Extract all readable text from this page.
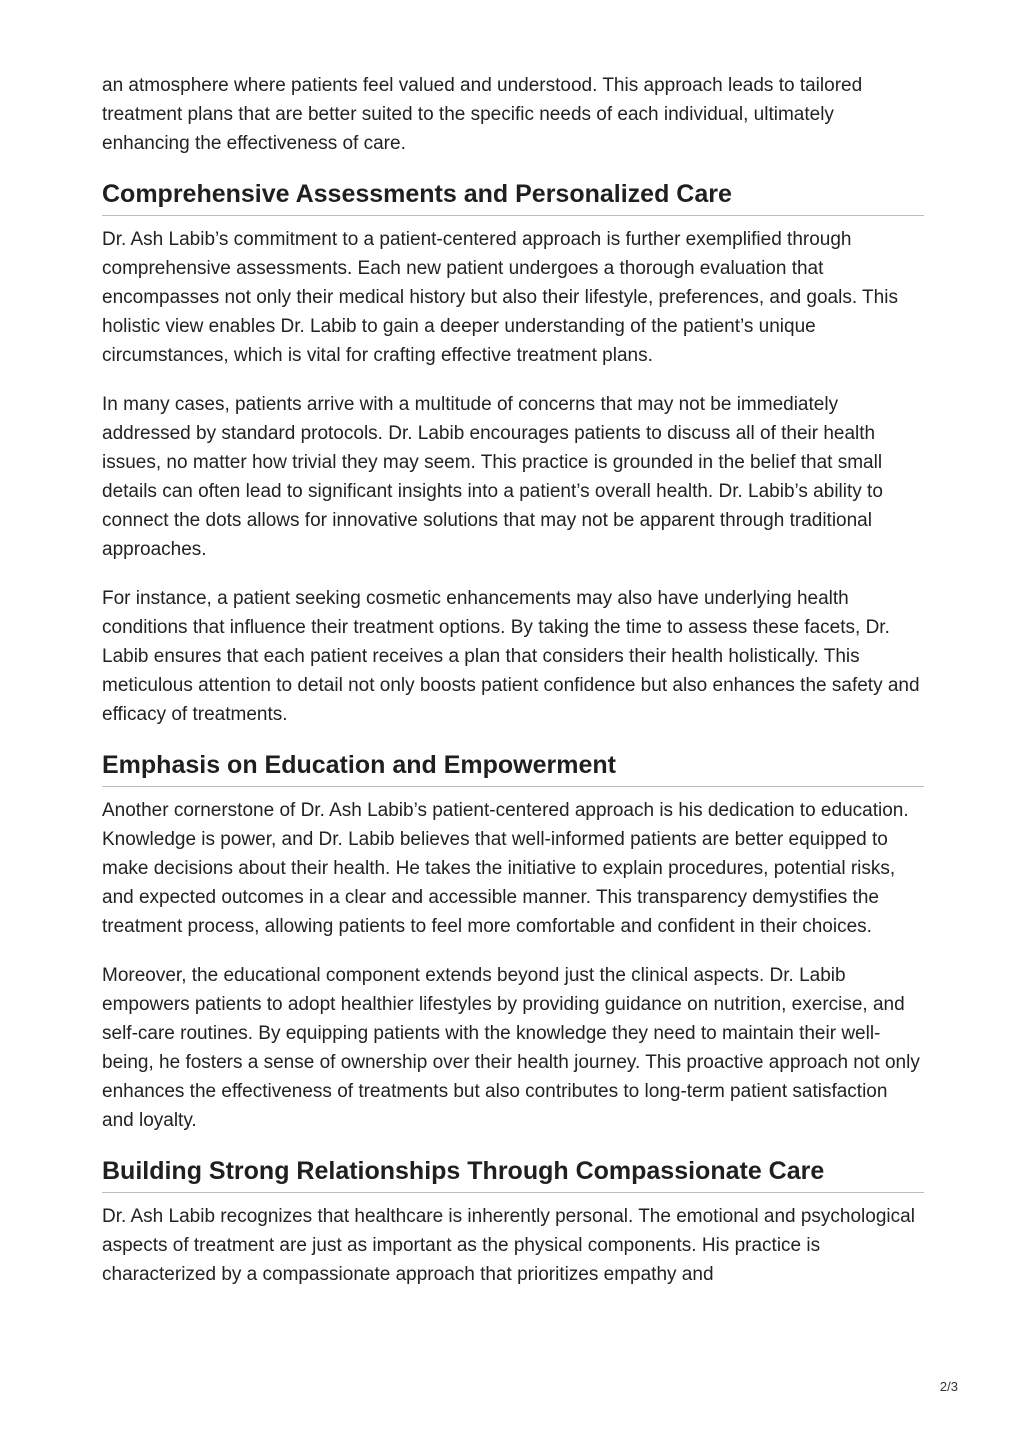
an atmosphere where patients feel valued and understood. This approach leads to tailored treatment plans that are better suited to the specific needs of each individual, ultimately enhancing the effectiveness of care.

Comprehensive Assessments and Personalized Care

Dr. Ash Labib’s commitment to a patient-centered approach is further exemplified through comprehensive assessments. Each new patient undergoes a thorough evaluation that encompasses not only their medical history but also their lifestyle, preferences, and goals. This holistic view enables Dr. Labib to gain a deeper understanding of the patient’s unique circumstances, which is vital for crafting effective treatment plans.

In many cases, patients arrive with a multitude of concerns that may not be immediately addressed by standard protocols. Dr. Labib encourages patients to discuss all of their health issues, no matter how trivial they may seem. This practice is grounded in the belief that small details can often lead to significant insights into a patient’s overall health. Dr. Labib’s ability to connect the dots allows for innovative solutions that may not be apparent through traditional approaches.

For instance, a patient seeking cosmetic enhancements may also have underlying health conditions that influence their treatment options. By taking the time to assess these facets, Dr. Labib ensures that each patient receives a plan that considers their health holistically. This meticulous attention to detail not only boosts patient confidence but also enhances the safety and efficacy of treatments.

Emphasis on Education and Empowerment

Another cornerstone of Dr. Ash Labib’s patient-centered approach is his dedication to education. Knowledge is power, and Dr. Labib believes that well-informed patients are better equipped to make decisions about their health. He takes the initiative to explain procedures, potential risks, and expected outcomes in a clear and accessible manner. This transparency demystifies the treatment process, allowing patients to feel more comfortable and confident in their choices.

Moreover, the educational component extends beyond just the clinical aspects. Dr. Labib empowers patients to adopt healthier lifestyles by providing guidance on nutrition, exercise, and self-care routines. By equipping patients with the knowledge they need to maintain their well-being, he fosters a sense of ownership over their health journey. This proactive approach not only enhances the effectiveness of treatments but also contributes to long-term patient satisfaction and loyalty.

Building Strong Relationships Through Compassionate Care

Dr. Ash Labib recognizes that healthcare is inherently personal. The emotional and psychological aspects of treatment are just as important as the physical components. His practice is characterized by a compassionate approach that prioritizes empathy and

2/3
